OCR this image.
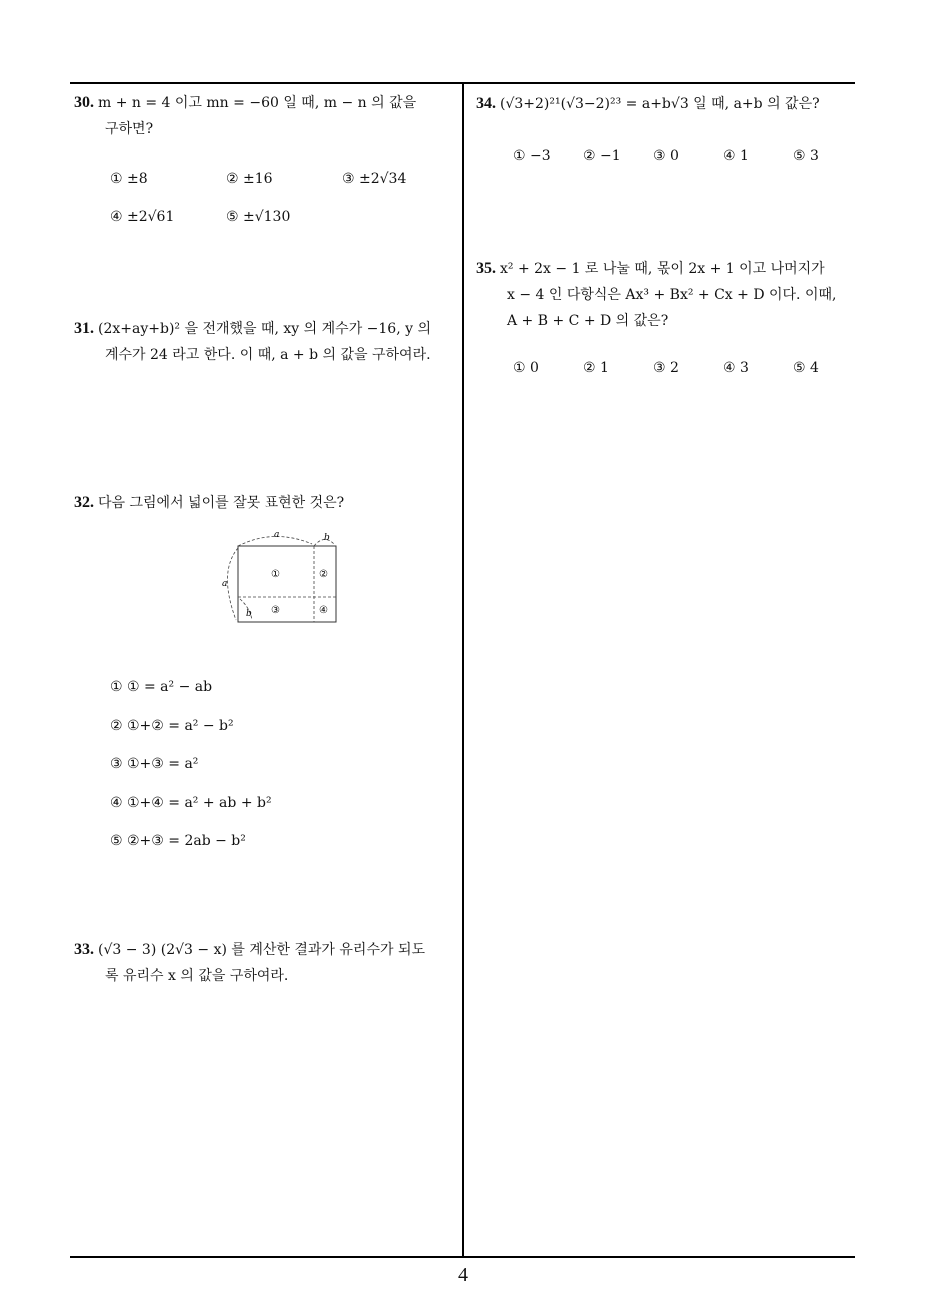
30. m + n = 4 이고 mn = −60 일 때, m − n 의 값을
구하면?
① ±8	② ±16	③ ±2√34
④ ±2√61	⑤ ±√130
31. (2x+ay+b)² 을 전개했을 때, xy 의 계수가 −16, y 의
계수가 24 라고 한다. 이 때, a + b 의 값을 구하여라.
32. 다음 그림에서 넓이를 잘못 표현한 것은?
a	b
a
b
①	②
③	④
① ① = a² − ab
② ①+② = a² − b²
③ ①+③ = a²
④ ①+④ = a² + ab + b²
⑤ ②+③ = 2ab − b²
33. (√3 − 3) (2√3 − x) 를 계산한 결과가 유리수가 되도
록 유리수 x 의 값을 구하여라.
34. (√3+2)²¹(√3−2)²³ = a+b√3 일 때, a+b 의 값은?
① −3 ② −1 ③ 0	④ 1	⑤ 3
35. x² + 2x − 1 로 나눌 때, 몫이 2x + 1 이고 나머지가
x − 4 인 다항식은 Ax³ + Bx² + Cx + D 이다. 이때,
A + B + C + D 의 값은?
① 0	② 1	③ 2	④ 3	⑤ 4
4
